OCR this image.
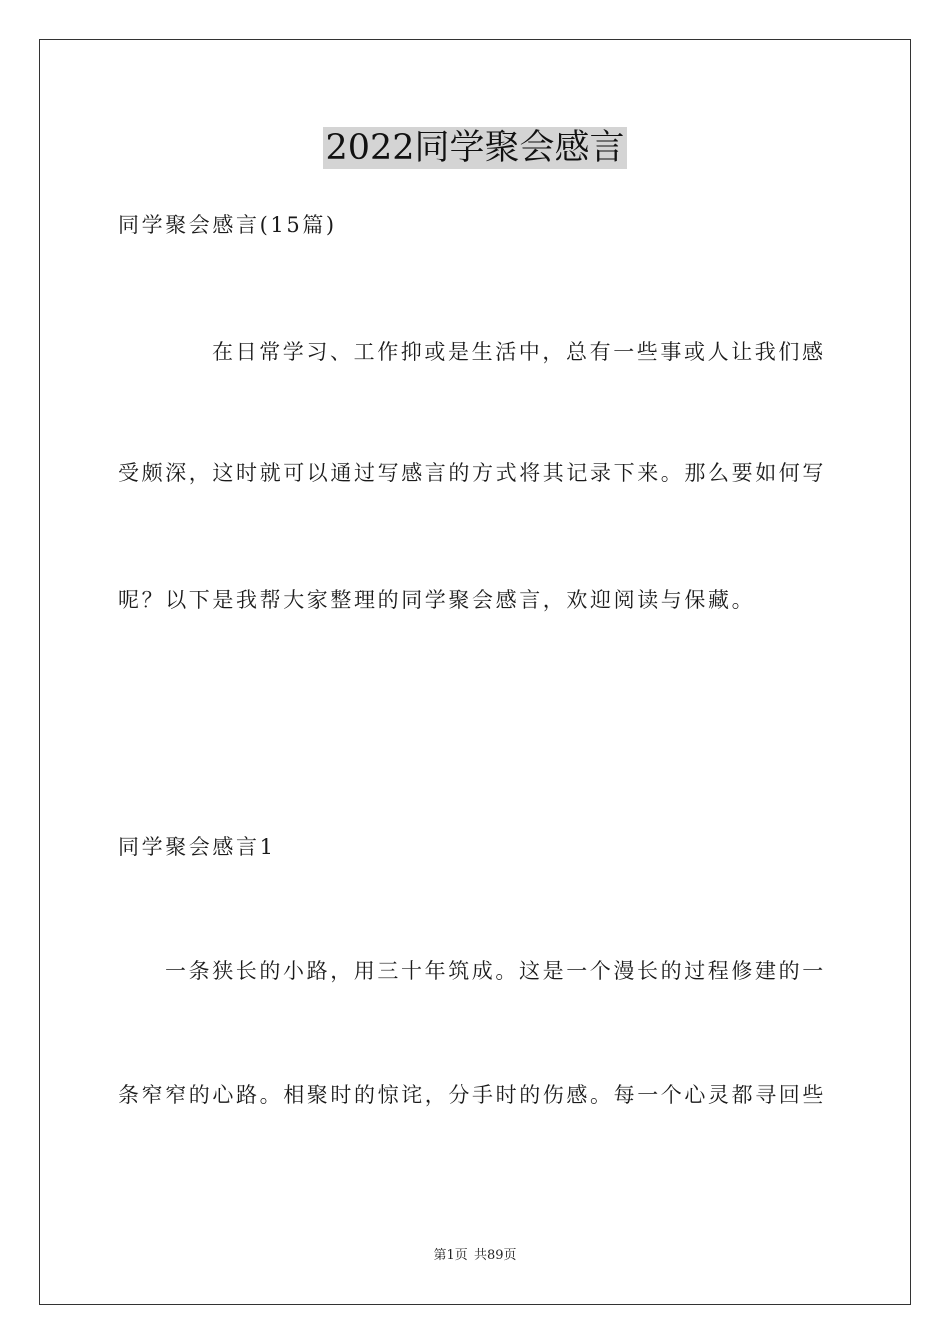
2022同学聚会感言
同学聚会感言(15篇)
在日常学习、工作抑或是生活中，总有一些事或人让我们感
受颇深，这时就可以通过写感言的方式将其记录下来。那么要如何写
呢？以下是我帮大家整理的同学聚会感言，欢迎阅读与保藏。
同学聚会感言1
一条狭长的小路，用三十年筑成。这是一个漫长的过程修建的一
条窄窄的心路。相聚时的惊诧，分手时的伤感。每一个心灵都寻回些
第1页 共89页
